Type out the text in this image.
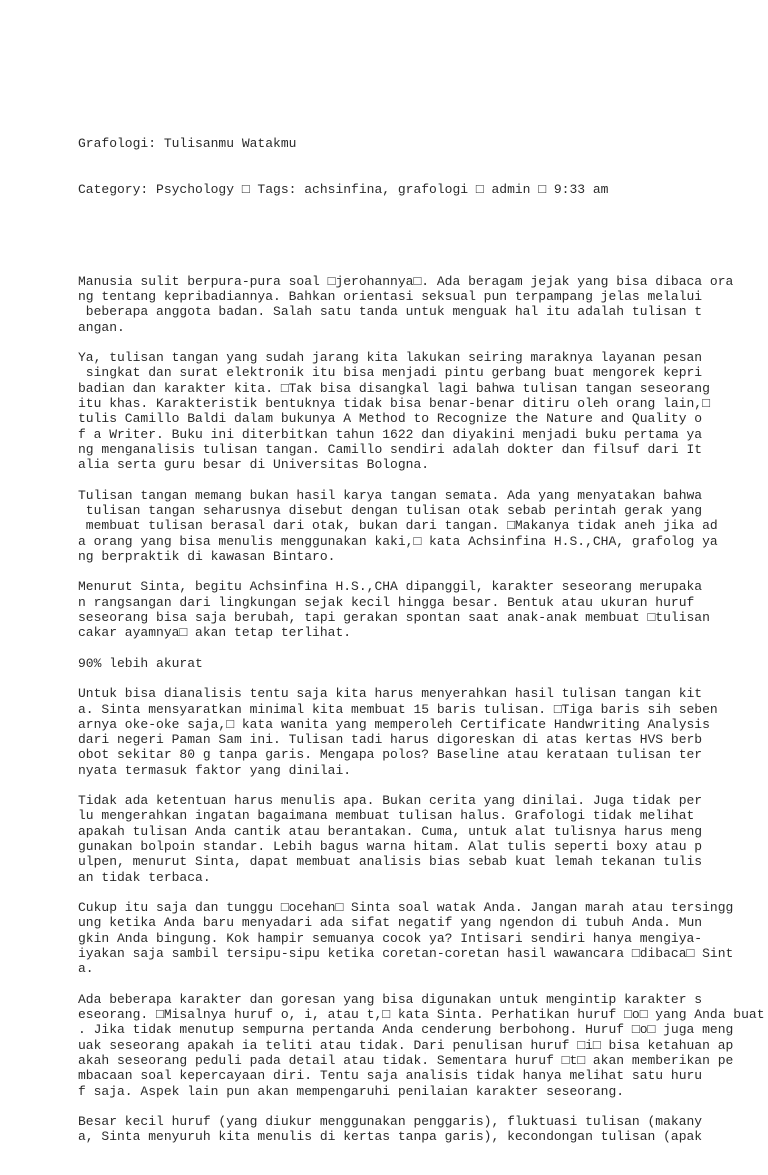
Grafologi: Tulisanmu Watakmu

Category: Psychology □ Tags: achsinfina, grafologi □ admin □ 9:33 am

Manusia sulit berpura-pura soal □jerohannya□. Ada beragam jejak yang bisa dibaca ora
ng tentang kepribadiannya. Bahkan orientasi seksual pun terpampang jelas melalui
beberapa anggota badan. Salah satu tanda untuk menguak hal itu adalah tulisan t
angan.
Ya, tulisan tangan yang sudah jarang kita lakukan seiring maraknya layanan pesan
singkat dan surat elektronik itu bisa menjadi pintu gerbang buat mengorek kepri
badian dan karakter kita. □Tak bisa disangkal lagi bahwa tulisan tangan seseorang
itu khas. Karakteristik bentuknya tidak bisa benar-benar ditiru oleh orang lain,□
tulis Camillo Baldi dalam bukunya A Method to Recognize the Nature and Quality o
f a Writer. Buku ini diterbitkan tahun 1622 dan diyakini menjadi buku pertama ya
ng menganalisis tulisan tangan. Camillo sendiri adalah dokter dan filsuf dari It
alia serta guru besar di Universitas Bologna.
Tulisan tangan memang bukan hasil karya tangan semata. Ada yang menyatakan bahwa
tulisan tangan seharusnya disebut dengan tulisan otak sebab perintah gerak yang
membuat tulisan berasal dari otak, bukan dari tangan. □Makanya tidak aneh jika ad
a orang yang bisa menulis menggunakan kaki,□ kata Achsinfina H.S.,CHA, grafolog ya
ng berpraktik di kawasan Bintaro.
Menurut Sinta, begitu Achsinfina H.S.,CHA dipanggil, karakter seseorang merupaka
n rangsangan dari lingkungan sejak kecil hingga besar. Bentuk atau ukuran huruf
seseorang bisa saja berubah, tapi gerakan spontan saat anak-anak membuat □tulisan
cakar ayamnya□ akan tetap terlihat.
90% lebih akurat
Untuk bisa dianalisis tentu saja kita harus menyerahkan hasil tulisan tangan kit
a. Sinta mensyaratkan minimal kita membuat 15 baris tulisan. □Tiga baris sih seben
arnya oke-oke saja,□ kata wanita yang memperoleh Certificate Handwriting Analysis
dari negeri Paman Sam ini. Tulisan tadi harus digoreskan di atas kertas HVS berb
obot sekitar 80 g tanpa garis. Mengapa polos? Baseline atau kerataan tulisan ter
nyata termasuk faktor yang dinilai.
Tidak ada ketentuan harus menulis apa. Bukan cerita yang dinilai. Juga tidak per
lu mengerahkan ingatan bagaimana membuat tulisan halus. Grafologi tidak melihat
apakah tulisan Anda cantik atau berantakan. Cuma, untuk alat tulisnya harus meng
gunakan bolpoin standar. Lebih bagus warna hitam. Alat tulis seperti boxy atau p
ulpen, menurut Sinta, dapat membuat analisis bias sebab kuat lemah tekanan tulis
an tidak terbaca.
Cukup itu saja dan tunggu □ocehan□ Sinta soal watak Anda. Jangan marah atau tersingg
ung ketika Anda baru menyadari ada sifat negatif yang ngendon di tubuh Anda. Mun
gkin Anda bingung. Kok hampir semuanya cocok ya? Intisari sendiri hanya mengiya-
iyakan saja sambil tersipu-sipu ketika coretan-coretan hasil wawancara □dibaca□ Sint
a.
Ada beberapa karakter dan goresan yang bisa digunakan untuk mengintip karakter s
eseorang. □Misalnya huruf o, i, atau t,□ kata Sinta. Perhatikan huruf □o□ yang Anda buat
. Jika tidak menutup sempurna pertanda Anda cenderung berbohong. Huruf □o□ juga meng
uak seseorang apakah ia teliti atau tidak. Dari penulisan huruf □i□ bisa ketahuan ap
akah seseorang peduli pada detail atau tidak. Sementara huruf □t□ akan memberikan pe
mbacaan soal kepercayaan diri. Tentu saja analisis tidak hanya melihat satu huru
f saja. Aspek lain pun akan mempengaruhi penilaian karakter seseorang.
Besar kecil huruf (yang diukur menggunakan penggaris), fluktuasi tulisan (makany
a, Sinta menyuruh kita menulis di kertas tanpa garis), kecondongan tulisan (apak
